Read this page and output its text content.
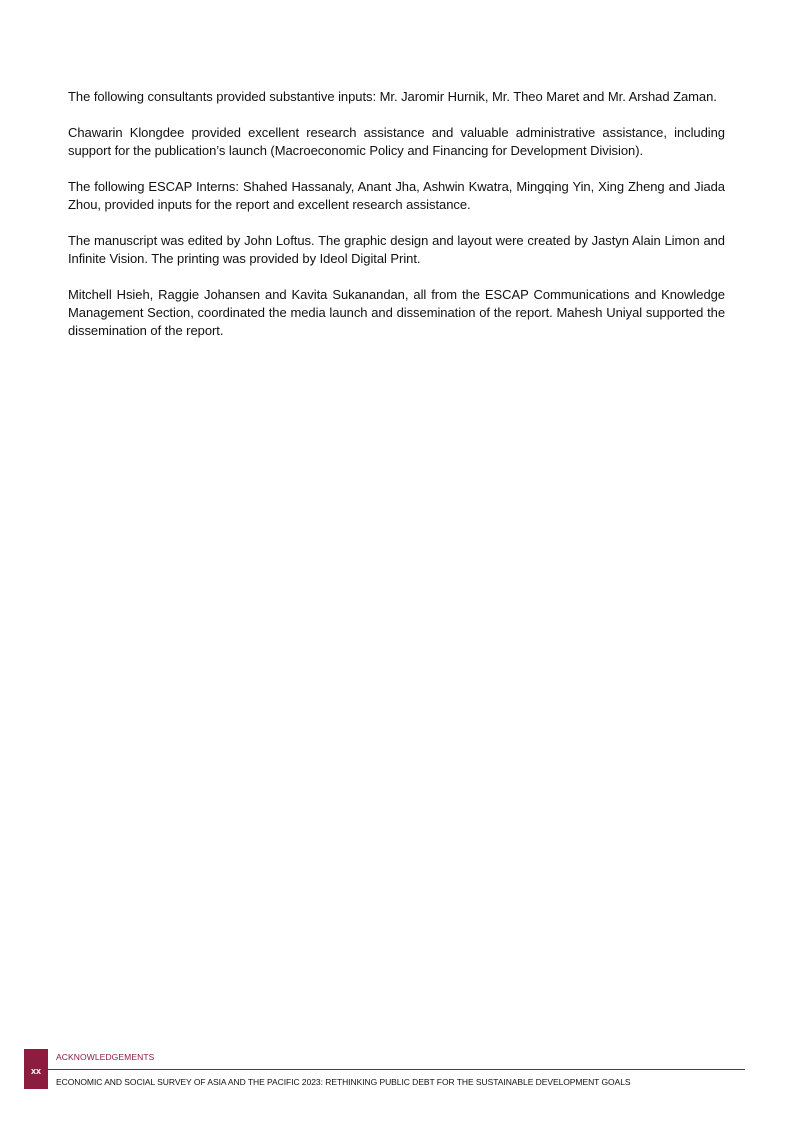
The following consultants provided substantive inputs: Mr. Jaromir Hurnik, Mr. Theo Maret and Mr. Arshad Zaman.

Chawarin Klongdee provided excellent research assistance and valuable administrative assistance, including support for the publication’s launch (Macroeconomic Policy and Financing for Development Division).

The following ESCAP Interns: Shahed Hassanaly, Anant Jha, Ashwin Kwatra, Mingqing Yin, Xing Zheng and Jiada Zhou, provided inputs for the report and excellent research assistance.

The manuscript was edited by John Loftus. The graphic design and layout were created by Jastyn Alain Limon and Infinite Vision. The printing was provided by Ideol Digital Print.

Mitchell Hsieh, Raggie Johansen and Kavita Sukanandan, all from the ESCAP Communications and Knowledge Management Section, coordinated the media launch and dissemination of the report. Mahesh Uniyal supported the dissemination of the report.

xx
ACKNOWLEDGEMENTS
ECONOMIC AND SOCIAL SURVEY OF ASIA AND THE PACIFIC 2023: RETHINKING PUBLIC DEBT FOR THE SUSTAINABLE DEVELOPMENT GOALS
